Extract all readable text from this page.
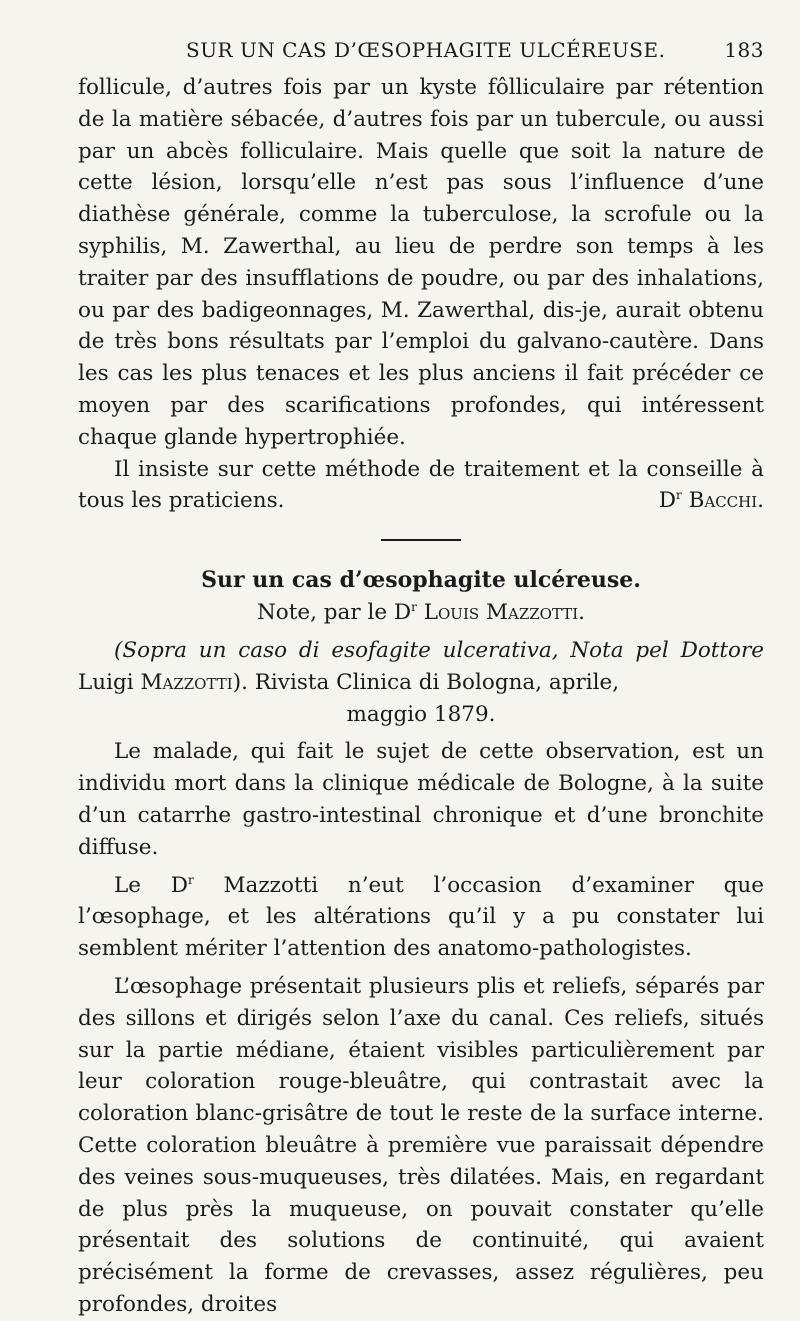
SUR UN CAS D’ŒSOPHAGITE ULCÉREUSE.	183

follicule, d’autres fois par un kyste fôlliculaire par rétention de la matière sébacée, d’autres fois par un tubercule, ou aussi par un abcès folliculaire. Mais quelle que soit la nature de cette lésion, lorsqu’elle n’est pas sous l’influence d’une diathèse générale, comme la tuberculose, la scrofule ou la syphilis, M. Zawerthal, au lieu de perdre son temps à les traiter par des insufflations de poudre, ou par des inhalations, ou par des badigeonnages, M. Zawerthal, dis-je, aurait obtenu de très bons résultats par l’emploi du galvano-cautère. Dans les cas les plus tenaces et les plus anciens il fait précéder ce moyen par des scarifications profondes, qui intéressent chaque glande hypertrophiée.

Il insiste sur cette méthode de traitement et la conseille à tous les praticiens.	$D^r$ Bacchi.

Sur un cas d’œsophagite ulcéreuse.

Note, par le $D^r$ Louis Mazzotti.

(Sopra un caso di esofagite ulcerativa, Nota pel Dottore Luigi Mazzotti). Rivista Clinica di Bologna, aprile,

maggio 1879.

Le malade, qui fait le sujet de cette observation, est un individu mort dans la clinique médicale de Bologne, à la suite d’un catarrhe gastro-intestinal chronique et d’une bronchite diffuse.

Le $D^r$ Mazzotti n’eut l’occasion d’examiner que l’œsophage, et les altérations qu’il y a pu constater lui semblent mériter l’attention des anatomo-pathologistes.

L’œsophage présentait plusieurs plis et reliefs, séparés par des sillons et dirigés selon l’axe du canal. Ces reliefs, situés sur la partie médiane, étaient visibles particulièrement par leur coloration rouge-bleuâtre, qui contrastait avec la coloration blanc-grisâtre de tout le reste de la surface interne. Cette coloration bleuâtre à première vue paraissait dépendre des veines sous-muqueuses, très dilatées. Mais, en regardant de plus près la muqueuse, on pouvait constater qu’elle présentait des solutions de continuité, qui avaient précisément la forme de crevasses, assez régulières, peu profondes, droites
